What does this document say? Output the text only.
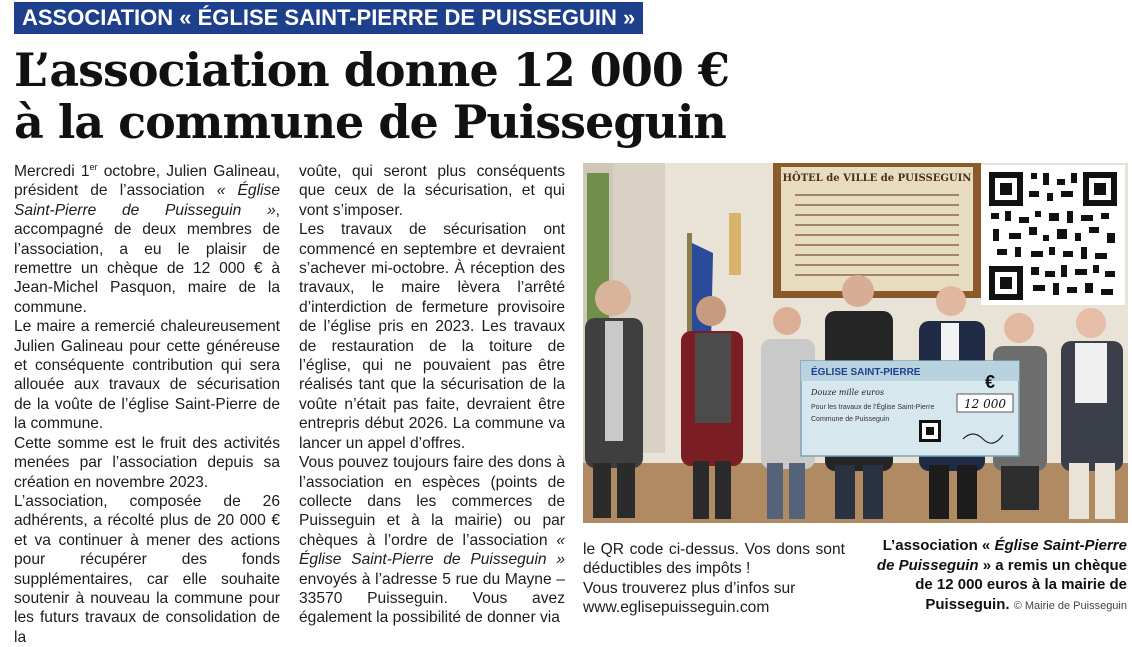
ASSOCIATION « ÉGLISE SAINT-PIERRE DE PUISSEGUIN »
L’association donne 12 000 €
à la commune de Puisseguin

Mercredi 1er octobre, Julien Galineau, président de l’association « Église Saint-Pierre de Puisseguin », accompagné de deux membres de l’association, a eu le plaisir de remettre un chèque de 12 000 € à Jean-Michel Pasquon, maire de la commune.

Le maire a remercié chaleureusement Julien Galineau pour cette généreuse et conséquente contribution qui sera allouée aux travaux de sécurisation de la voûte de l’église Saint-Pierre de la commune.

Cette somme est le fruit des activités menées par l’association depuis sa création en novembre 2023.

L’association, composée de 26 adhérents, a récolté plus de 20 000 € et va continuer à mener des actions pour récupérer des fonds supplémentaires, car elle souhaite soutenir à nouveau la commune pour les futurs travaux de consolidation de la

voûte, qui seront plus conséquents que ceux de la sécurisation, et qui vont s’imposer.

Les travaux de sécurisation ont commencé en septembre et devraient s’achever mi-octobre. À réception des travaux, le maire lèvera l’arrêté d’interdiction de fermeture provisoire de l’église pris en 2023. Les travaux de restauration de la toiture de l’église, qui ne pouvaient pas être réalisés tant que la sécurisation de la voûte n’était pas faite, devraient être entrepris début 2026. La commune va lancer un appel d’offres.

Vous pouvez toujours faire des dons à l’association en espèces (points de collecte dans les commerces de Puisseguin et à la mairie) ou par chèques à l’ordre de l’association « Église Saint-Pierre de Puisseguin » envoyés à l’adresse 5 rue du Mayne – 33570 Puisseguin. Vous avez également la possibilité de donner via

le QR code ci-dessus. Vos dons sont déductibles des impôts !

Vous trouverez plus d’infos sur
www.eglisepuisseguin.com

HÔTEL de VILLE de PUISSEGUIN
ÉGLISE SAINT-PIERRE	€
Douze mille euros
Pour les travaux de l’Église Saint-Pierre
Commune de Puisseguin
12 000
L’association « Église Saint-Pierre de Puisseguin » a remis un chèque de 12 000 euros à la mairie de Puisseguin. © Mairie de Puisseguin
